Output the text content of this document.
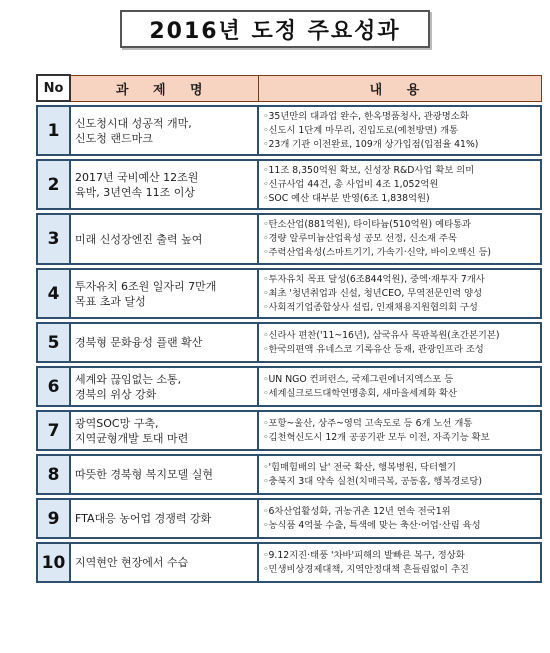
2016년 도정 주요성과
No	과 제 명	내 용

1	신도청시대 성공적 개막,
신도청 랜드마크	◦35년만의 대과업 완수, 한옥명품청사, 관광명소화
◦신도시 1단계 마무리, 진입도로(예천방면) 개통
◦23개 기관 이전완료, 109개 상가입점(입점율 41%)

2	2017년 국비예산 12조원
육박, 3년연속 11조 이상	◦11조 8,350억원 확보, 신성장 R&D사업 확보 의미
◦신규사업 44건, 총 사업비 4조 1,052억원
◦SOC 예산 대부분 반영(6조 1,838억원)

3	미래 신성장엔진 출력 높여	◦탄소산업(881억원), 타이타늄(510억원) 예타통과
◦경량 알루미늄산업육성 공모 선정, 신소재 주목
◦주력산업육성(스마트기기, 가속기·신약, 바이오백신 등)

4	투자유치 6조원 일자리 7만개
목표 초과 달성	◦투자유치 목표 달성(6조844억원), 중엑·재투자 7개사
◦최초 '청년취업과 신설, 청년CEO, 무역전문인력 양성
◦사회적기업종합상사 설립, 인재채용지원협의회 구성

5	경북형 문화융성 플랜 확산	◦신라사 편찬('11~16년), 삼국유사 목판복원(초간본기본)
◦한국의편액 유네스코 기록유산 등재, 관광인프라 조성

6	세계와 끊임없는 소통,
경북의 위상 강화	◦UN NGO 컨퍼런스, 국제그린에너지엑스포 등
◦세계실크로드대학연맹총회, 새마을세계화 확산

7	광역SOC망 구축,
지역균형개발 토대 마련	◦포항~울산, 상주~영덕 고속도로 등 6개 노선 개통
◦김천혁신도시 12개 공공기관 모두 이전, 자족기능 확보

8	따뜻한 경북형 복지모델 실현	◦'힘매힘배의 날' 전국 확산, 행복병원, 닥터헬기
◦충북지 3대 약속 실천(치매극복, 공동홈, 행복경로당)

9	FTA대응 농어업 경쟁력 강화	◦6차산업활성화, 귀농귀촌 12년 연속 전국1위
◦농식품 4억불 수출, 특색에 맞는 축산·어업·산림 육성

10	지역현안 현장에서 수습	◦9.12지진·태풍 '차바'피해의 발빠른 복구, 정상화
◦민생비상경제대책, 지역안정대책 흔들림없이 추진
